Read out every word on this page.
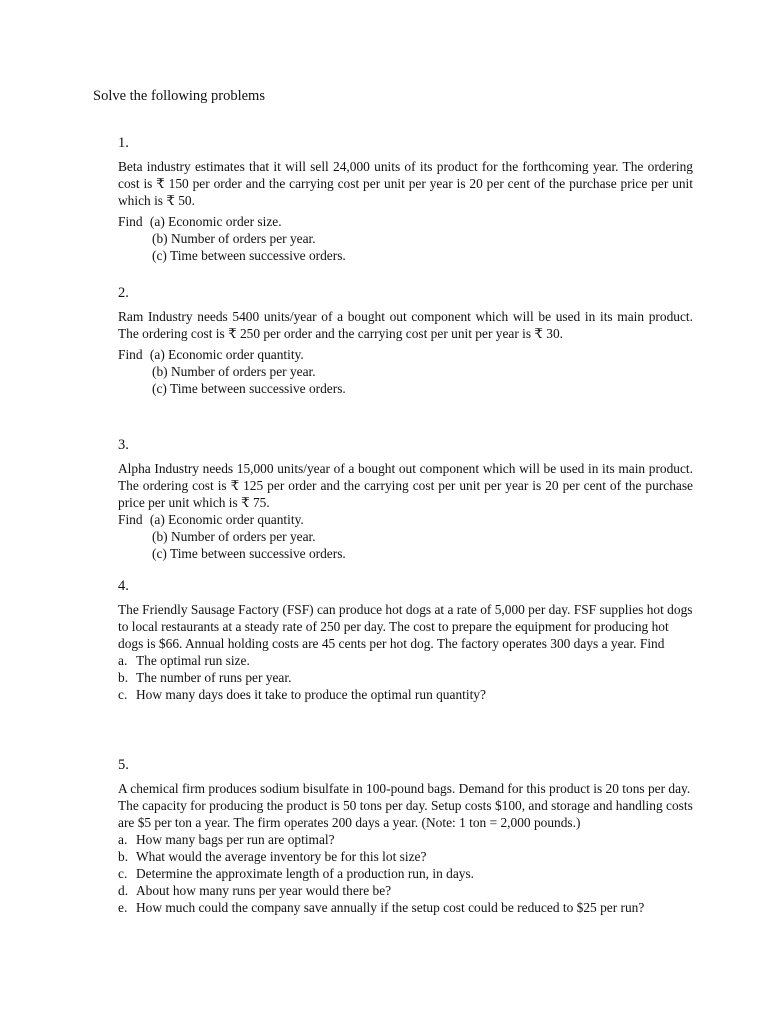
Solve the following problems
1.

Beta industry estimates that it will sell 24,000 units of its product for the forthcoming year. The ordering cost is ₹ 150 per order and the carrying cost per unit per year is 20 per cent of the purchase price per unit which is ₹ 50.

Find (a) Economic order size.
(b) Number of orders per year.
(c) Time between successive orders.
2.

Ram Industry needs 5400 units/year of a bought out component which will be used in its main product. The ordering cost is ₹ 250 per order and the carrying cost per unit per year is ₹ 30.

Find (a) Economic order quantity.
(b) Number of orders per year.
(c) Time between successive orders.
3.

Alpha Industry needs 15,000 units/year of a bought out component which will be used in its main product. The ordering cost is ₹ 125 per order and the carrying cost per unit per year is 20 per cent of the purchase price per unit which is ₹ 75.

Find (a) Economic order quantity.
(b) Number of orders per year.
(c) Time between successive orders.
4.

The Friendly Sausage Factory (FSF) can produce hot dogs at a rate of 5,000 per day. FSF supplies hot dogs to local restaurants at a steady rate of 250 per day. The cost to prepare the equipment for producing hot dogs is $66. Annual holding costs are 45 cents per hot dog. The factory operates 300 days a year. Find

a. The optimal run size.
b. The number of runs per year.
c. How many days does it take to produce the optimal run quantity?
5.

A chemical firm produces sodium bisulfate in 100-pound bags. Demand for this product is 20 tons per day. The capacity for producing the product is 50 tons per day. Setup costs $100, and storage and handling costs are $5 per ton a year. The firm operates 200 days a year. (Note: 1 ton = 2,000 pounds.)

a. How many bags per run are optimal?
b. What would the average inventory be for this lot size?
c. Determine the approximate length of a production run, in days.
d. About how many runs per year would there be?
e. How much could the company save annually if the setup cost could be reduced to $25 per run?
